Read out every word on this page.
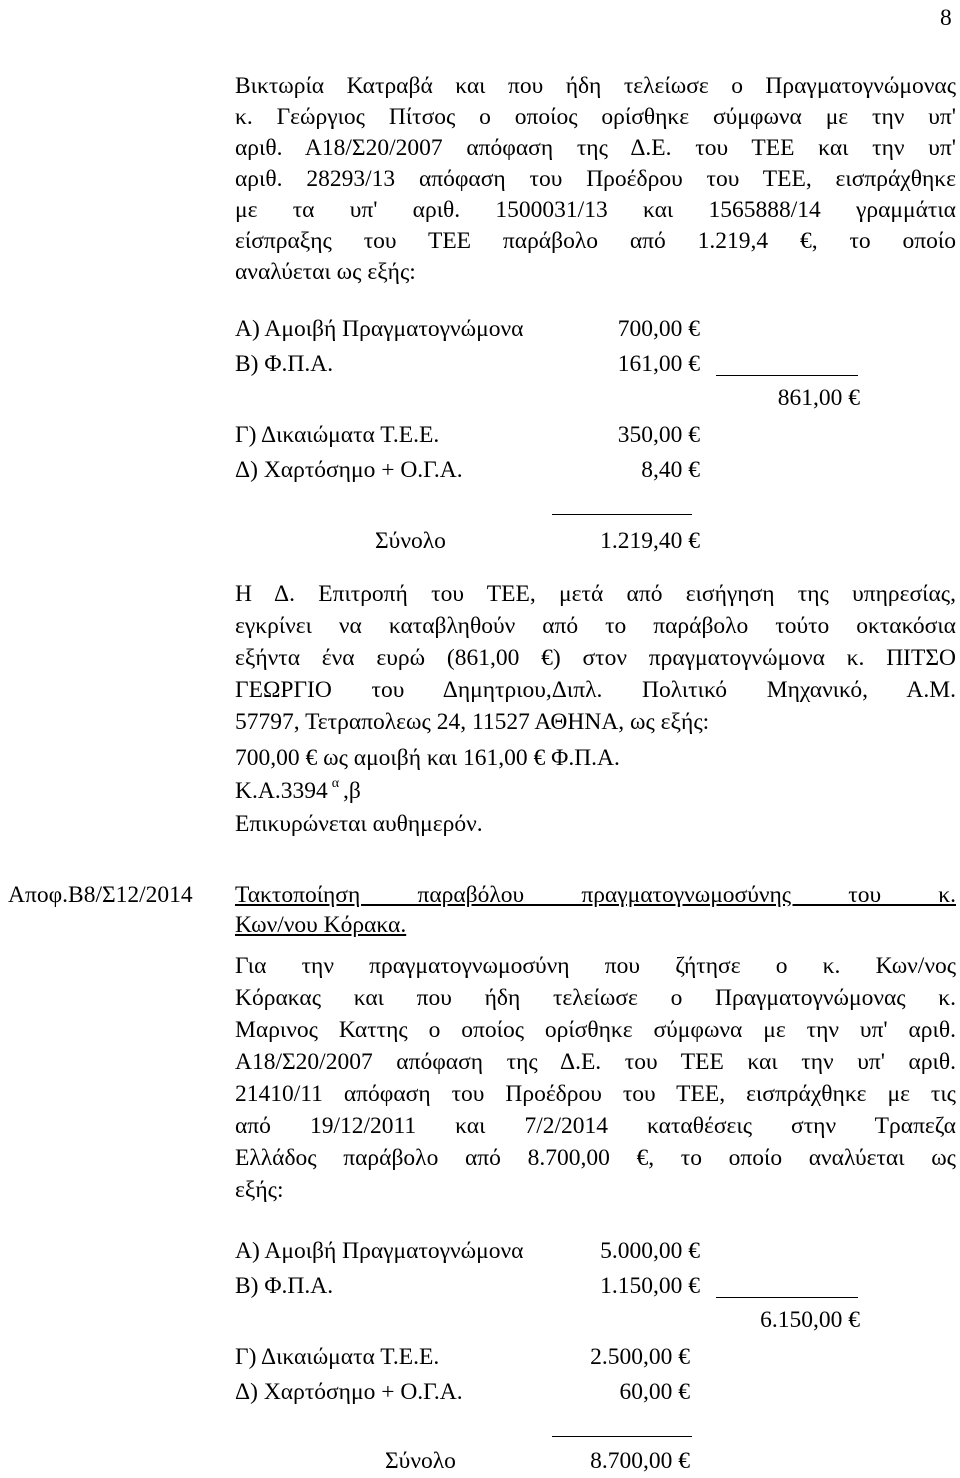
8
Βικτωρία Κατραβά και που ήδη τελείωσε ο Πραγματογνώμονας
κ. Γεώργιος Πίτσος ο οποίος ορίσθηκε σύμφωνα με την υπ'
αριθ. Α18/Σ20/2007 απόφαση της Δ.Ε. του ΤΕΕ και την υπ'
αριθ. 28293/13 απόφαση του Προέδρου του ΤΕΕ, εισπράχθηκε
με τα υπ' αριθ. 1500031/13 και 1565888/14 γραμμάτια
είσπραξης του ΤΕΕ παράβολο από 1.219,4 €, το οποίο
αναλύεται ως εξής:
Α) Αμοιβή Πραγματογνώμονα	700,00 €
Β) Φ.Π.Α.	161,00 €
861,00 €
Γ) Δικαιώματα Τ.Ε.Ε.	350,00 €
Δ) Χαρτόσημο + Ο.Γ.Α.	8,40 €
Σύνολο	1.219,40 €
Η Δ. Επιτροπή του ΤΕΕ, μετά από εισήγηση της υπηρεσίας,
εγκρίνει να καταβληθούν από το παράβολο τούτο οκτακόσια
εξήντα ένα ευρώ (861,00 €) στον πραγματογνώμονα κ. ΠΙΤΣΟ
ΓΕΩΡΓΙΟ του Δημητριου,Διπλ. Πολιτικό Μηχανικό, Α.Μ.
57797, Τετραπολεως 24, 11527 ΑΘΗΝΑ, ως εξής:
700,00 € ως αμοιβή και 161,00 € Φ.Π.Α.
Κ.Α.3394 $^\alpha$ ,β
Επικυρώνεται αυθημερόν.
Αποφ.Β8/Σ12/2014 Τακτοποίηση παραβόλου πραγματογνωμοσύνης του κ.
Κων/νου Κόρακα.
Για την πραγματογνωμοσύνη που ζήτησε ο κ. Κων/νος
Κόρακας και που ήδη τελείωσε ο Πραγματογνώμονας κ.
Μαρινος Καττης ο οποίος ορίσθηκε σύμφωνα με την υπ' αριθ.
Α18/Σ20/2007 απόφαση της Δ.Ε. του ΤΕΕ και την υπ' αριθ.
21410/11 απόφαση του Προέδρου του ΤΕΕ, εισπράχθηκε με τις
από 19/12/2011 και 7/2/2014 καταθέσεις στην Τραπεζα
Ελλάδος παράβολο από 8.700,00 €, το οποίο αναλύεται ως
εξής:
Α) Αμοιβή Πραγματογνώμονα	5.000,00 €
Β) Φ.Π.Α.	1.150,00 €
6.150,00 €
Γ) Δικαιώματα Τ.Ε.Ε.	2.500,00 €
Δ) Χαρτόσημο + Ο.Γ.Α.	60,00 €
Σύνολο	8.700,00 €
